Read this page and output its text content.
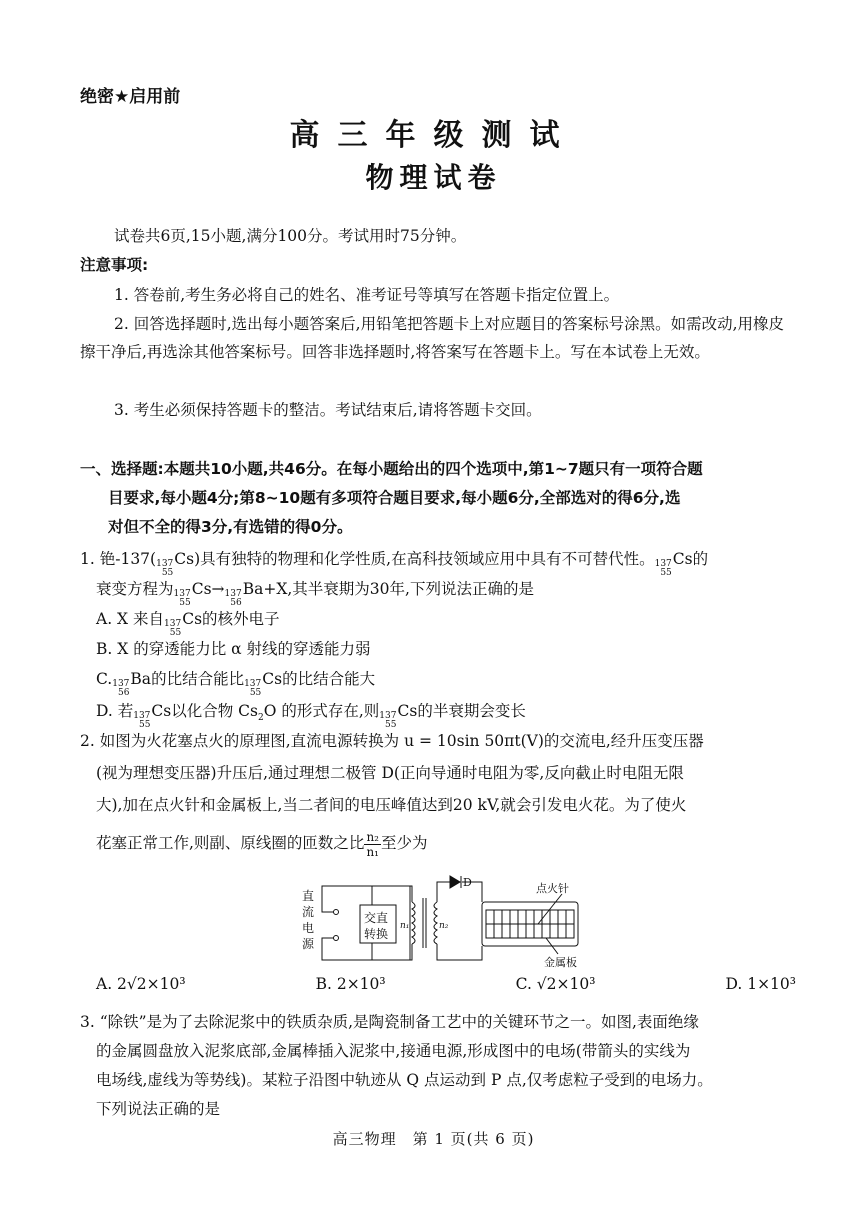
绝密★启用前
高三年级测试
物理试卷
试卷共6页,15小题,满分100分。考试用时75分钟。
注意事项:
1. 答卷前,考生务必将自己的姓名、准考证号等填写在答题卡指定位置上。
2. 回答选择题时,选出每小题答案后,用铅笔把答题卡上对应题目的答案标号涂黑。如需改动,用橡皮擦干净后,再选涂其他答案标号。回答非选择题时,将答案写在答题卡上。写在本试卷上无效。
3. 考生必须保持答题卡的整洁。考试结束后,请将答题卡交回。
一、选择题:本题共10小题,共46分。在每小题给出的四个选项中,第1~7题只有一项符合题
目要求,每小题4分;第8~10题有多项符合题目要求,每小题6分,全部选对的得6分,选
对但不全的得3分,有选错的得0分。
1. 铯-137( 137
55
Cs)具有独特的物理和化学性质,在高科技领域应用中具有不可替代性。 137
55
Cs的
衰变方程为 137
55
Cs→ 137
56
Ba+X,其半衰期为30年,下列说法正确的是
A. X 来自 137
55
Cs的核外电子
B. X 的穿透能力比 α 射线的穿透能力弱
C. 137
56
Ba的比结合能比 137
55
Cs的比结合能大
D. 若 137
55
Cs以化合物 $Cs_2O$ 的形式存在,则 137
55
Cs的半衰期会变长
2. 如图为火花塞点火的原理图,直流电源转换为 u = 10sin 50πt(V)的交流电,经升压变压器
(视为理想变压器)升压后,通过理想二极管 D(正向导通时电阻为零,反向截止时电阻无限
大),加在点火针和金属板上,当二者间的电压峰值达到20 kV,就会引发电火花。为了使火
花塞正常工作,则副、原线圈的匝数之比 $\frac{\text{n₂}}{\text{n₁}}$ 至少为
直
流
电
源
交直
转换
D	点火针
金属板
n₁	n₂
A. 2√2×10³	B. 2×10³	C. √2×10³	D. 1×10³
3. “除铁”是为了去除泥浆中的铁质杂质,是陶瓷制备工艺中的关键环节之一。如图,表面绝缘
的金属圆盘放入泥浆底部,金属棒插入泥浆中,接通电源,形成图中的电场(带箭头的实线为
电场线,虚线为等势线)。某粒子沿图中轨迹从 Q 点运动到 P 点,仅考虑粒子受到的电场力。
下列说法正确的是
高三物理　第 1 页(共 6 页)
